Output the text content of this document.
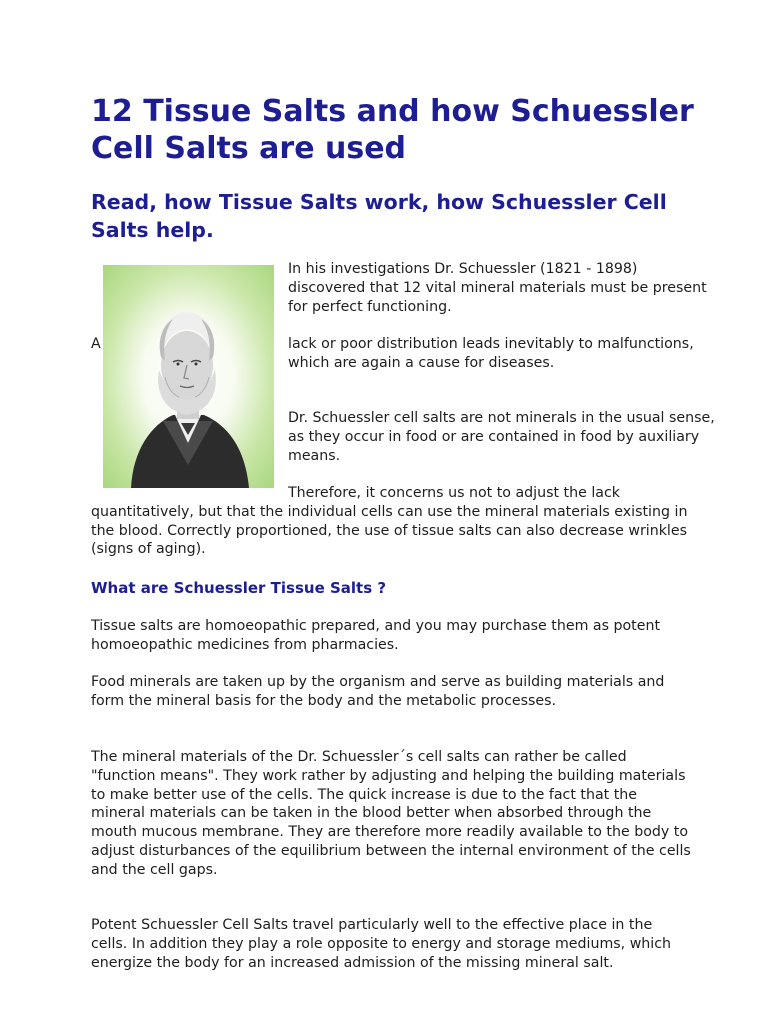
12 Tissue Salts and how Schuessler Cell Salts are used
Read, how Tissue Salts work, how Schuessler Cell Salts help.
In his investigations Dr. Schuessler (1821 - 1898) discovered that 12 vital mineral materials must be present for perfect functioning.
A	lack or poor distribution leads inevitably to malfunctions, which are again a cause for diseases.
Dr. Schuessler cell salts are not minerals in the usual sense, as they occur in food or are contained in food by auxiliary means.
Therefore, it concerns us not to adjust the lack quantitatively, but that the individual cells can use the mineral materials existing in the blood. Correctly proportioned, the use of tissue salts can also decrease wrinkles (signs of aging).
What are Schuessler Tissue Salts ?
Tissue salts are homoeopathic prepared, and you may purchase them as potent homoeopathic medicines from pharmacies.
Food minerals are taken up by the organism and serve as building materials and form the mineral basis for the body and the metabolic processes.
The mineral materials of the Dr. Schuessler´s cell salts can rather be called "function means". They work rather by adjusting and helping the building materials to make better use of the cells. The quick increase is due to the fact that the mineral materials can be taken in the blood better when absorbed through the mouth mucous membrane. They are therefore more readily available to the body to adjust disturbances of the equilibrium between the internal environment of the cells and the cell gaps.
Potent Schuessler Cell Salts travel particularly well to the effective place in the cells. In addition they play a role opposite to energy and storage mediums, which energize the body for an increased admission of the missing mineral salt.
